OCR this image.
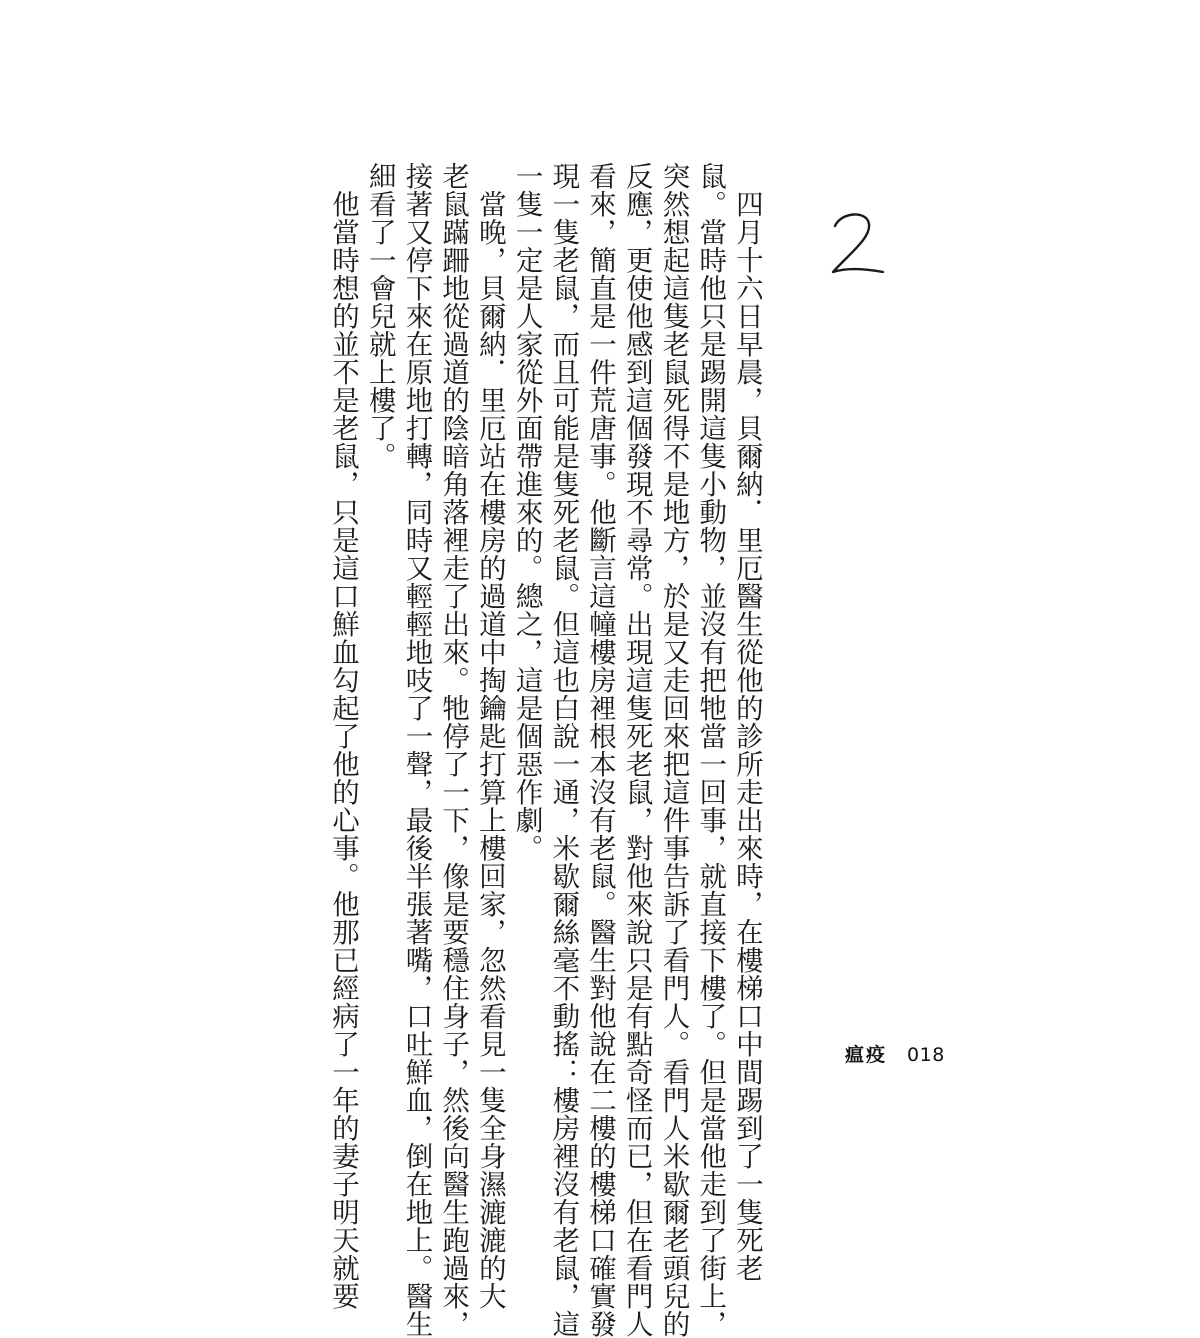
　四月十六日早晨，貝爾納．里厄醫生從他的診所走出來時，在樓梯口中間踢到了一隻死老
鼠。當時他只是踢開這隻小動物，並沒有把牠當一回事，就直接下樓了。但是當他走到了街上，
突然想起這隻老鼠死得不是地方，於是又走回來把這件事告訴了看門人。看門人米歇爾老頭兒的
反應，更使他感到這個發現不尋常。出現這隻死老鼠，對他來說只是有點奇怪而已，但在看門人
看來，簡直是一件荒唐事。他斷言這幢樓房裡根本沒有老鼠。醫生對他說在二樓的樓梯口確實發
現一隻老鼠，而且可能是隻死老鼠。但這也白說一通，米歇爾絲毫不動搖：樓房裡沒有老鼠，這
一隻一定是人家從外面帶進來的。總之，這是個惡作劇。
　當晚，貝爾納．里厄站在樓房的過道中掏鑰匙打算上樓回家，忽然看見一隻全身濕漉漉的大
老鼠蹣跚地從過道的陰暗角落裡走了出來。牠停了一下，像是要穩住身子，然後向醫生跑過來，
接著又停下來在原地打轉，同時又輕輕地吱了一聲，最後半張著嘴，口吐鮮血，倒在地上。醫生
細看了一會兒就上樓了。
　他當時想的並不是老鼠，只是這口鮮血勾起了他的心事。他那已經病了一年的妻子明天就要	瘟疫 018
